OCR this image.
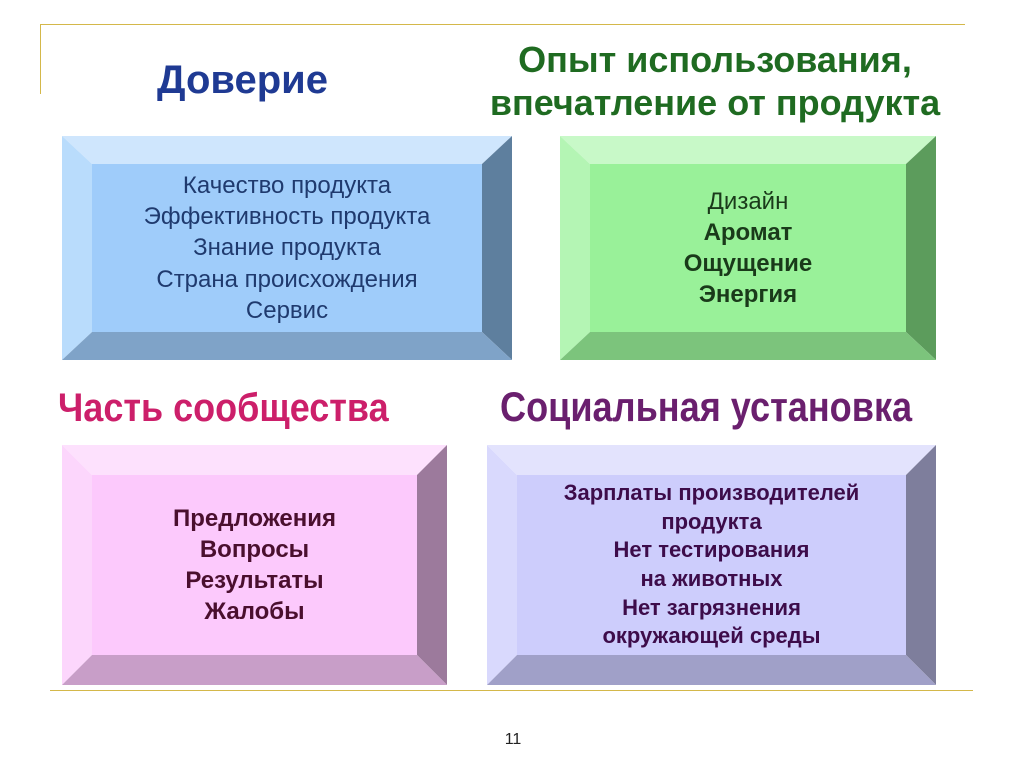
Доверие	Опыт использования, впечатление от продукта
Качество продукта
Эффективность продукта
Знание продукта
Страна происхождения
Сервис
Дизайн
Аромат
Ощущение
Энергия
Часть сообщества	Социальная установка
Предложения
Вопросы
Результаты
Жалобы
Зарплаты производителей
продукта
Нет тестирования
на животных
Нет загрязнения
окружающей среды
11
